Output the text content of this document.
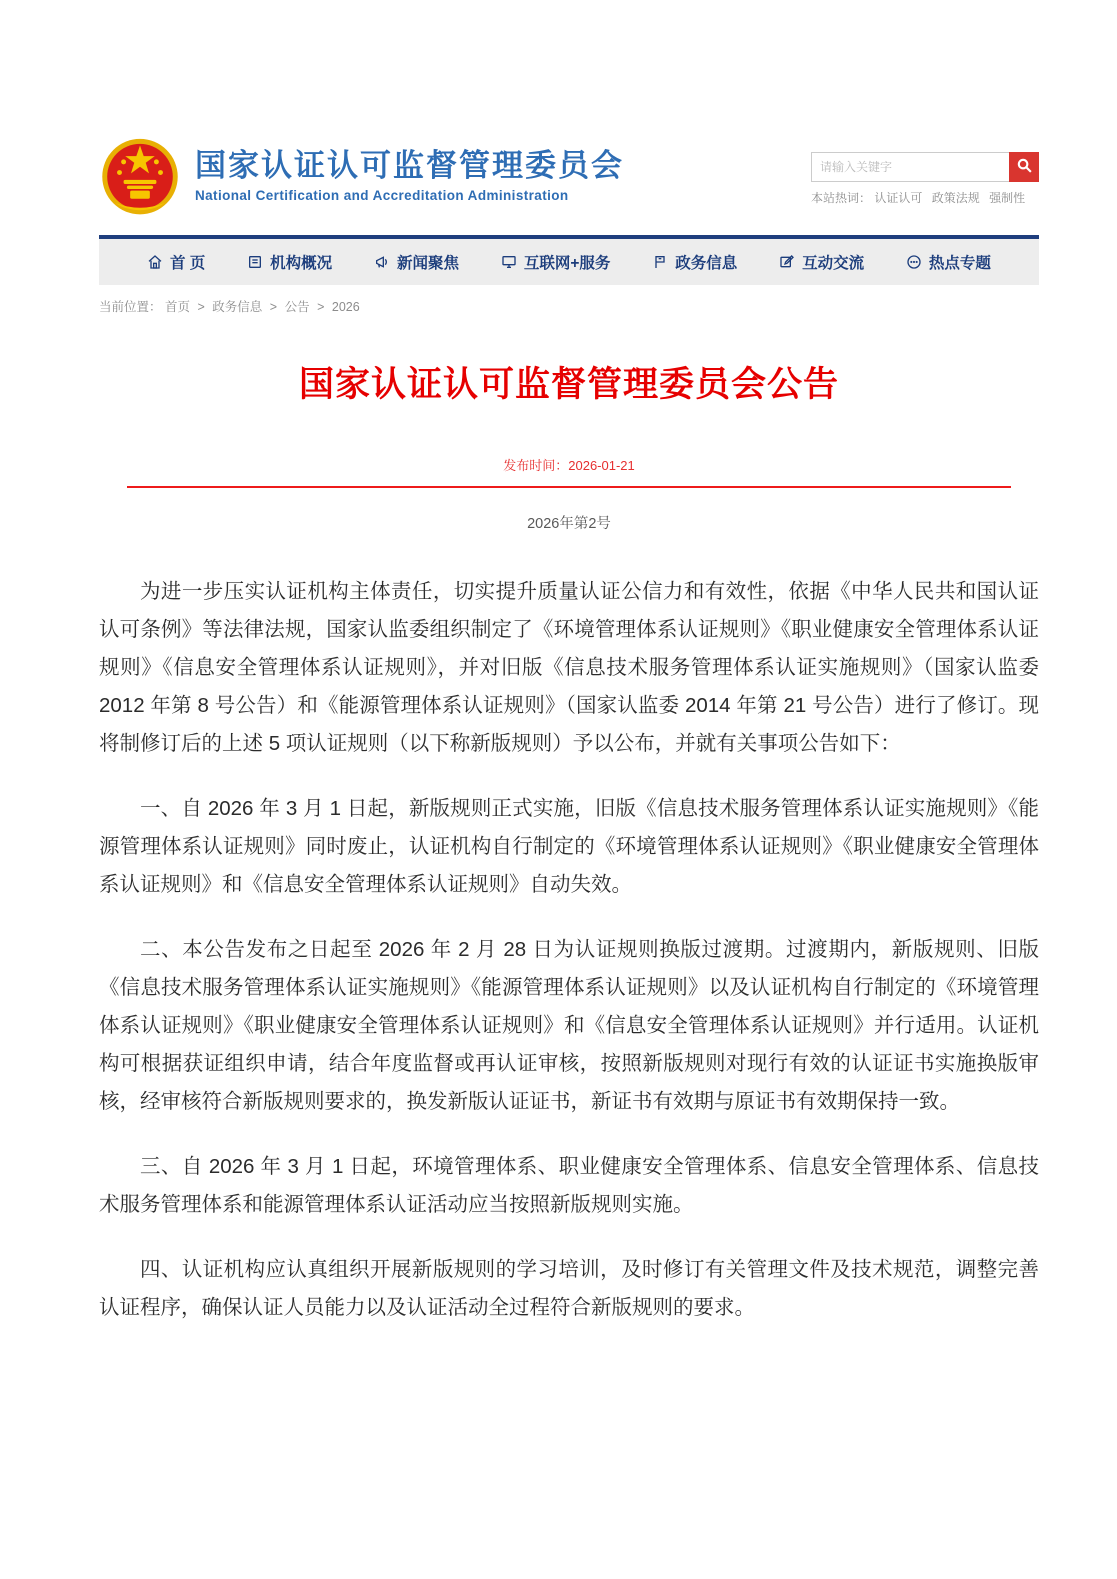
国家认证认可监督管理委员会
National Certification and Accreditation Administration
请输入关键字	本站热词： 认证认可 政策法规 强制性
首 页	机构概况	新闻聚焦	互联网+服务	政务信息	互动交流	热点专题
当前位置： 首页 > 政务信息 > 公告 > 2026
国家认证认可监督管理委员会公告
发布时间：2026-01-21
2026年第2号

为进一步压实认证机构主体责任，切实提升质量认证公信力和有效性，依据《中华人民共和国认证认可条例》等法律法规，国家认监委组织制定了《环境管理体系认证规则》《职业健康安全管理体系认证规则》《信息安全管理体系认证规则》，并对旧版《信息技术服务管理体系认证实施规则》（国家认监委 2012 年第 8 号公告）和《能源管理体系认证规则》（国家认监委 2014 年第 21 号公告）进行了修订。现将制修订后的上述 5 项认证规则（以下称新版规则）予以公布，并就有关事项公告如下：

一、自 2026 年 3 月 1 日起，新版规则正式实施，旧版《信息技术服务管理体系认证实施规则》《能源管理体系认证规则》同时废止，认证机构自行制定的《环境管理体系认证规则》《职业健康安全管理体系认证规则》和《信息安全管理体系认证规则》自动失效。

二、本公告发布之日起至 2026 年 2 月 28 日为认证规则换版过渡期。过渡期内，新版规则、旧版《信息技术服务管理体系认证实施规则》《能源管理体系认证规则》以及认证机构自行制定的《环境管理体系认证规则》《职业健康安全管理体系认证规则》和《信息安全管理体系认证规则》并行适用。认证机构可根据获证组织申请，结合年度监督或再认证审核，按照新版规则对现行有效的认证证书实施换版审核，经审核符合新版规则要求的，换发新版认证证书，新证书有效期与原证书有效期保持一致。

三、自 2026 年 3 月 1 日起，环境管理体系、职业健康安全管理体系、信息安全管理体系、信息技术服务管理体系和能源管理体系认证活动应当按照新版规则实施。

四、认证机构应认真组织开展新版规则的学习培训，及时修订有关管理文件及技术规范，调整完善认证程序，确保认证人员能力以及认证活动全过程符合新版规则的要求。
